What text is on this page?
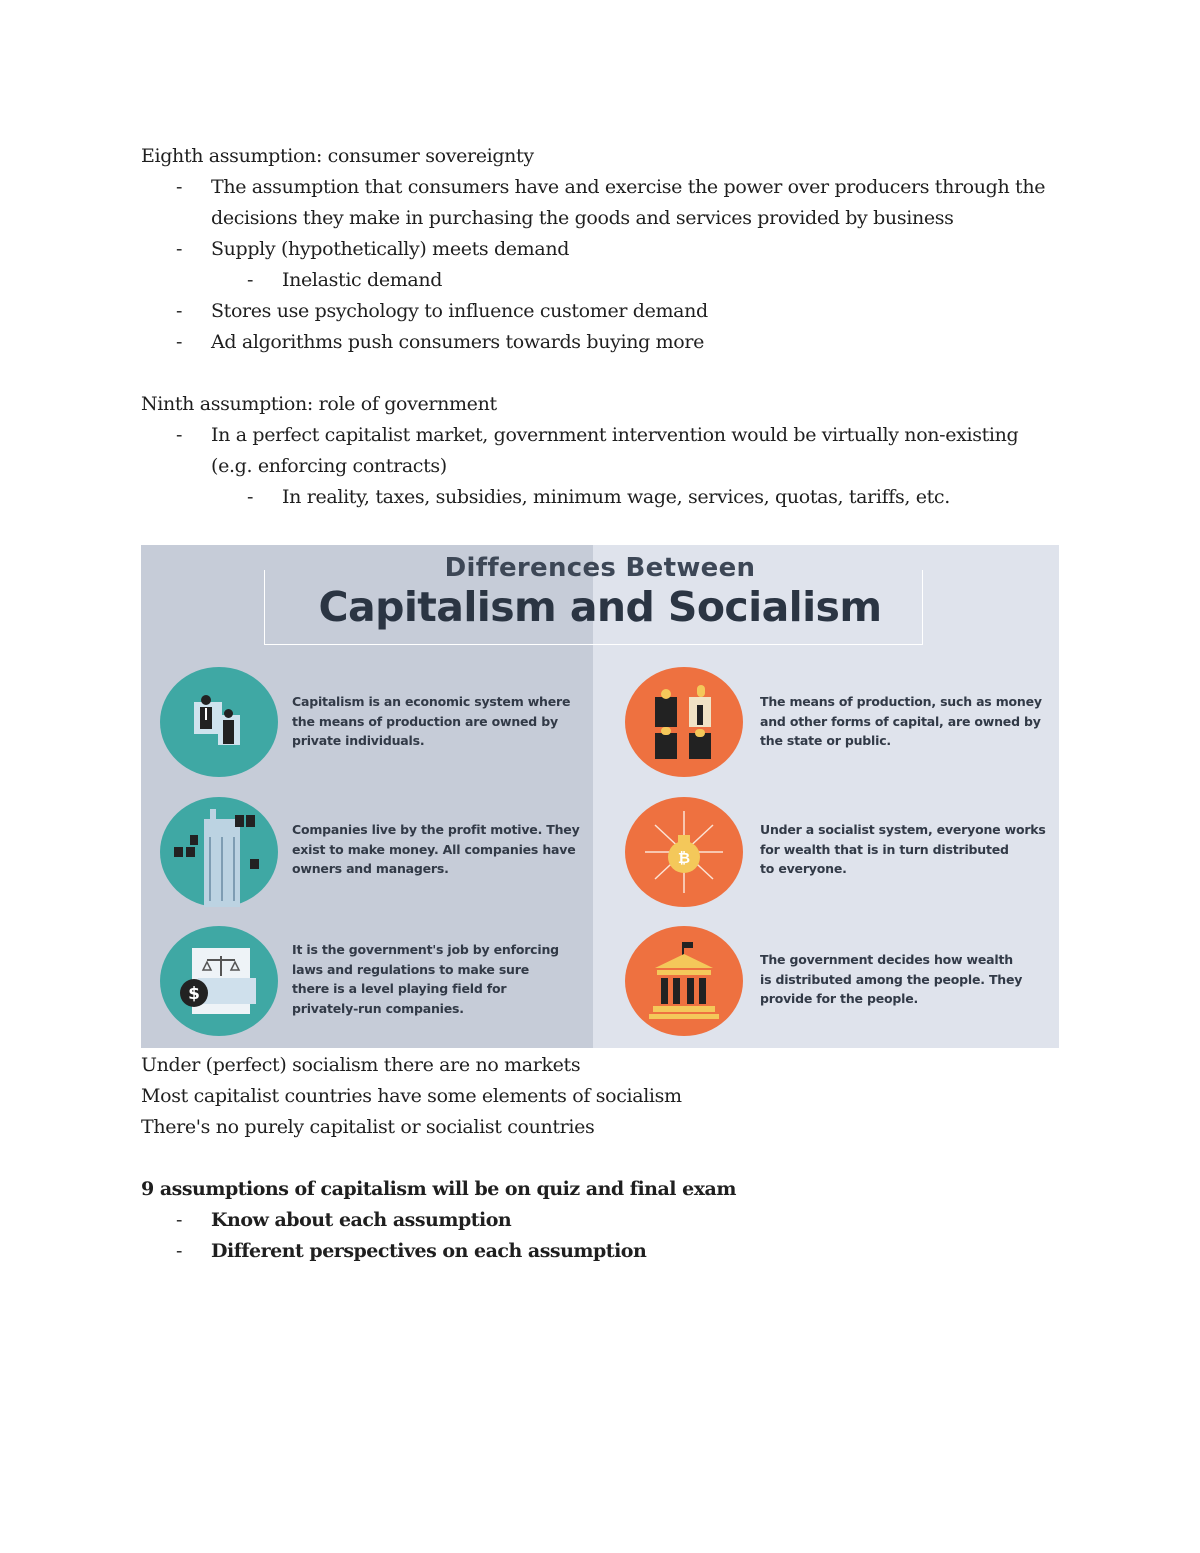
Eighth assumption: consumer sovereignty
- The assumption that consumers have and exercise the power over producers through the
decisions they make in purchasing the goods and services provided by business
- Supply (hypothetically) meets demand
- Inelastic demand
- Stores use psychology to influence customer demand
- Ad algorithms push consumers towards buying more
Ninth assumption: role of government
- In a perfect capitalist market, government intervention would be virtually non-existing
(e.g. enforcing contracts)
- In reality, taxes, subsidies, minimum wage, services, quotas, tariffs, etc.
Differences Between
Capitalism and Socialism
Capitalism is an economic system where
the means of production are owned by
private individuals.
Companies live by the profit motive. They
exist to make money. All companies have
owners and managers.
$
It is the government's job by enforcing
laws and regulations to make sure
there is a level playing field for
privately-run companies.
The means of production, such as money
and other forms of capital, are owned by
the state or public.
₿
Under a socialist system, everyone works
for wealth that is in turn distributed
to everyone.
The government decides how wealth
is distributed among the people. They
provide for the people.
Under (perfect) socialism there are no markets
Most capitalist countries have some elements of socialism
There's no purely capitalist or socialist countries
9 assumptions of capitalism will be on quiz and final exam
- Know about each assumption
- Different perspectives on each assumption
